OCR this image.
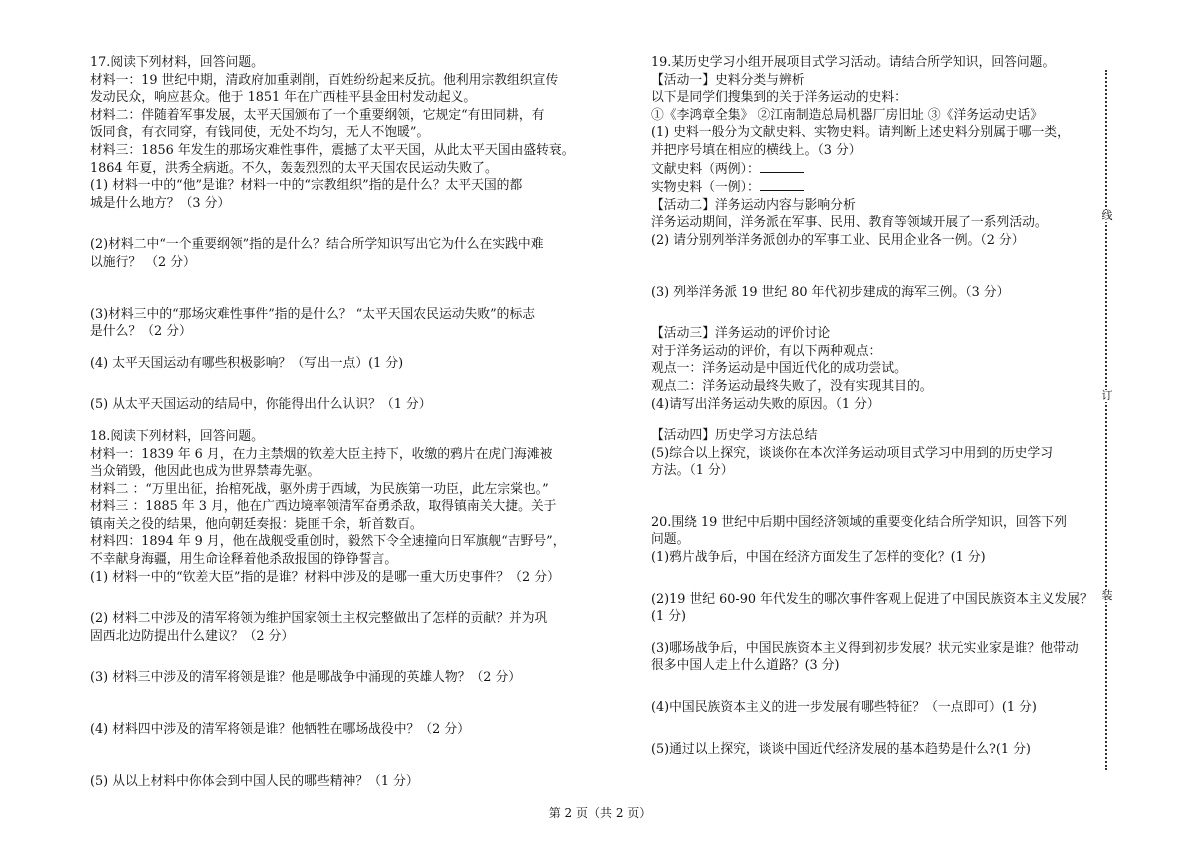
17.阅读下列材料，回答问题。
材料一：19 世纪中期，清政府加重剥削，百姓纷纷起来反抗。他利用宗教组织宣传
发动民众，响应甚众。他于 1851 年在广西桂平县金田村发动起义。
材料二：伴随着军事发展，太平天国颁布了一个重要纲领，它规定“有田同耕，有
饭同食，有衣同穿，有钱同使，无处不均匀，无人不饱暖”。
材料三：1856 年发生的那场灾难性事件，震撼了太平天国，从此太平天国由盛转衰。
1864 年夏，洪秀全病逝。不久，轰轰烈烈的太平天国农民运动失败了。
(1) 材料一中的“他”是谁？材料一中的“宗教组织”指的是什么？太平天国的都
城是什么地方？（3 分）
(2)材料二中“一个重要纲领”指的是什么？结合所学知识写出它为什么在实践中难
以施行？ （2 分）
(3)材料三中的“那场灾难性事件”指的是什么？ “太平天国农民运动失败”的标志
是什么？（2 分）
(4) 太平天国运动有哪些积极影响？（写出一点）(1 分)
(5) 从太平天国运动的结局中，你能得出什么认识？（1 分）
18.阅读下列材料，回答问题。
材料一：1839 年 6 月，在力主禁烟的钦差大臣主持下，收缴的鸦片在虎门海滩被
当众销毁，他因此也成为世界禁毒先驱。
材料二 ：“万里出征，抬棺死战，驱外虏于西域，为民族第一功臣，此左宗棠也。”
材料三 ：1885 年 3 月，他在广西边境率领清军奋勇杀敌，取得镇南关大捷。关于
镇南关之役的结果，他向朝廷奏报：毙匪千余，斩首数百。
材料四：1894 年 9 月，他在战舰受重创时，毅然下令全速撞向日军旗舰“吉野号”，
不幸献身海疆，用生命诠释着他杀敌报国的铮铮誓言。
(1) 材料一中的“钦差大臣”指的是谁？材料中涉及的是哪一重大历史事件？（2 分）
(2) 材料二中涉及的清军将领为维护国家领土主权完整做出了怎样的贡献？并为巩
固西北边防提出什么建议？（2 分）
(3) 材料三中涉及的清军将领是谁？他是哪战争中涌现的英雄人物？（2 分）
(4) 材料四中涉及的清军将领是谁？他牺牲在哪场战役中？（2 分）
(5) 从以上材料中你体会到中国人民的哪些精神？（1 分）
19.某历史学习小组开展项目式学习活动。请结合所学知识，回答问题。
【活动一】史料分类与辨析
以下是同学们搜集到的关于洋务运动的史料：
①《李鸿章全集》 ②江南制造总局机器厂房旧址 ③《洋务运动史话》
(1) 史料一般分为文献史料、实物史料。请判断上述史料分别属于哪一类，
并把序号填在相应的横线上。（3 分）
文献史料（两例）：
实物史料（一例）：
【活动二】洋务运动内容与影响分析
洋务运动期间，洋务派在军事、民用、教育等领域开展了一系列活动。
(2) 请分别列举洋务派创办的军事工业、民用企业各一例。（2 分）
(3) 列举洋务派 19 世纪 80 年代初步建成的海军三例。（3 分）
【活动三】洋务运动的评价讨论
对于洋务运动的评价，有以下两种观点：
观点一：洋务运动是中国近代化的成功尝试。
观点二：洋务运动最终失败了，没有实现其目的。
(4)请写出洋务运动失败的原因。（1 分）
【活动四】历史学习方法总结
(5)综合以上探究，谈谈你在本次洋务运动项目式学习中用到的历史学习
方法。（1 分）
20.围绕 19 世纪中后期中国经济领域的重要变化结合所学知识，回答下列
问题。
(1)鸦片战争后，中国在经济方面发生了怎样的变化？(1 分)
(2)19 世纪 60-90 年代发生的哪次事件客观上促进了中国民族资本主义发展？
(1 分)
(3)哪场战争后，中国民族资本主义得到初步发展？状元实业家是谁？他带动
很多中国人走上什么道路？(3 分)
(4)中国民族资本主义的进一步发展有哪些特征？（一点即可）(1 分)
(5)通过以上探究，谈谈中国近代经济发展的基本趋势是什么?(1 分)
线
订
装
第 2 页（共 2 页）
